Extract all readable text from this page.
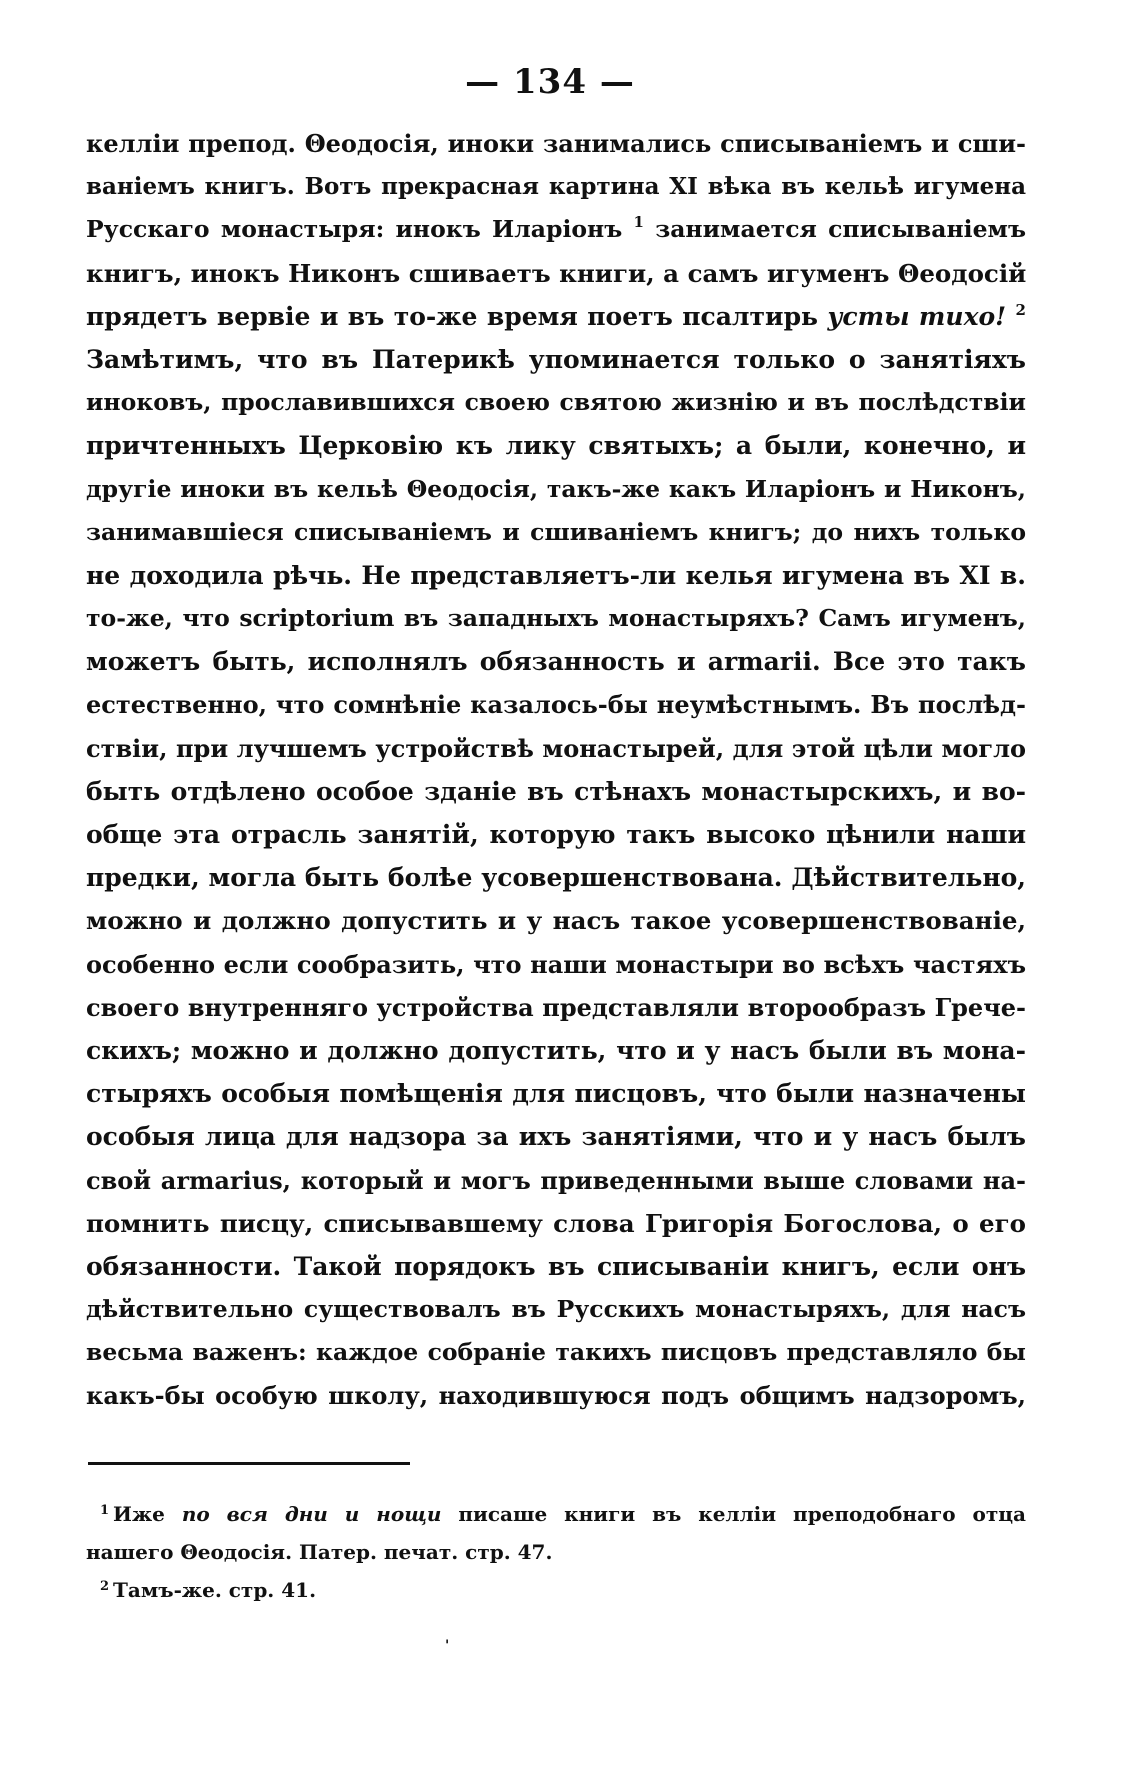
— 134 —
келліи препод. Θеодосія, иноки занимались списываніемъ и сши-
ваніемъ книгъ. Вотъ прекрасная картина XI вѣка въ кельѣ игумена
Русскаго монастыря: инокъ Иларіонъ $^1$ занимается списываніемъ
книгъ, инокъ Никонъ сшиваетъ книги, а самъ игуменъ Θеодосій
прядетъ вервіе и въ то-же время поетъ псалтирь усты тихо! $^2$
Замѣтимъ, что въ Патерикѣ упоминается только о занятіяхъ
иноковъ, прославившихся своею святою жизнію и въ послѣдствіи
причтенныхъ Церковію къ лику святыхъ; а были, конечно, и
другіе иноки въ кельѣ Θеодосія, такъ-же какъ Иларіонъ и Никонъ,
занимавшіеся списываніемъ и сшиваніемъ книгъ; до нихъ только
не доходила рѣчь. Не представляетъ-ли келья игумена въ XI в.
то-же, что scriptorium въ западныхъ монастыряхъ? Самъ игуменъ,
можетъ быть, исполнялъ обязанность и armarii. Все это такъ
естественно, что сомнѣніе казалось-бы неумѣстнымъ. Въ послѣд-
ствіи, при лучшемъ устройствѣ монастырей, для этой цѣли могло
быть отдѣлено особое зданіе въ стѣнахъ монастырскихъ, и во-
обще эта отрасль занятій, которую такъ высоко цѣнили наши
предки, могла быть болѣе усовершенствована. Дѣйствительно,
можно и должно допустить и у насъ такое усовершенствованіе,
особенно если сообразить, что наши монастыри во всѣхъ частяхъ
своего внутренняго устройства представляли второобразъ Грече-
скихъ; можно и должно допустить, что и у насъ были въ мона-
стыряхъ особыя помѣщенія для писцовъ, что были назначены
особыя лица для надзора за ихъ занятіями, что и у насъ былъ
свой armarius, который и могъ приведенными выше словами на-
помнить писцу, списывавшему слова Григорія Богослова, о его
обязанности. Такой порядокъ въ списываніи книгъ, если онъ
дѣйствительно существовалъ въ Русскихъ монастыряхъ, для насъ
весьма важенъ: каждое собраніе такихъ писцовъ представляло бы
какъ-бы особую школу, находившуюся подъ общимъ надзоромъ,
$^1$ Иже по вся дни и нощи писаше книги въ келліи преподобнаго отца
нашего Θеодосія. Патер. печат. стр. 47.
$^2$ Тамъ-же. стр. 41.
'
